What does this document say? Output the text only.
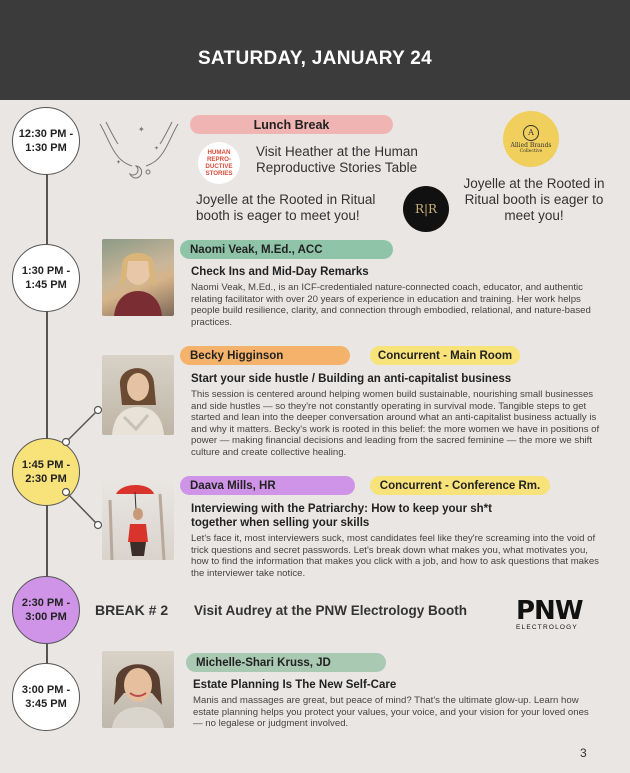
SATURDAY, JANUARY 24
12:30 PM -
1:30 PM
1:30 PM -
1:45 PM
1:45 PM -
2:30 PM
2:30 PM -
3:00 PM
3:00 PM -
3:45 PM
✦
✦
✦
Lunch Break
HUMAN
REPRO-
DUCTIVE
STORIES
Visit Heather at the Human Reproductive Stories Table
Joyelle at the Rooted in Ritual booth is eager to meet you!	R|R
A
Allied Brands
Collective
Joyelle at the Rooted in Ritual booth is eager to meet you!
Naomi Veak, M.Ed., ACC
Check Ins and Mid-Day Remarks
Naomi Veak, M.Ed., is an ICF-credentialed nature-connected coach, educator, and authentic relating facilitator with over 20 years of experience in education and training. Her work helps people build resilience, clarity, and connection through embodied, relational, and nature-based practices.
Becky Higginson	Concurrent - Main Room
Start your side hustle / Building an anti-capitalist business
This session is centered around helping women build sustainable, nourishing small businesses and side hustles — so they're not constantly operating in survival mode. Tangible steps to get started and lean into the deeper conversation around what an anti-capitalist business actually is and why it matters. Becky's work is rooted in this belief: the more women we have in positions of power — making financial decisions and leading from the sacred feminine — the more we shift culture and create collective healing.
Daava Mills, HR	Concurrent - Conference Rm.
Interviewing with the Patriarchy: How to keep your sh*t together when selling your skills
Let's face it, most interviewers suck, most candidates feel like they're screaming into the void of trick questions and secret passwords. Let's break down what makes you, what motivates you, how to find the information that makes you click with a job, and how to ask questions that makes the interviewer take notice.
BREAK # 2 Visit Audrey at the PNW Electrology Booth PNW
ELECTROLOGY
Michelle-Shari Kruss, JD
Estate Planning Is The New Self-Care
Manis and massages are great, but peace of mind? That's the ultimate glow-up. Learn how estate planning helps you protect your values, your voice, and your vision for your loved ones — no legalese or judgment involved.
3
